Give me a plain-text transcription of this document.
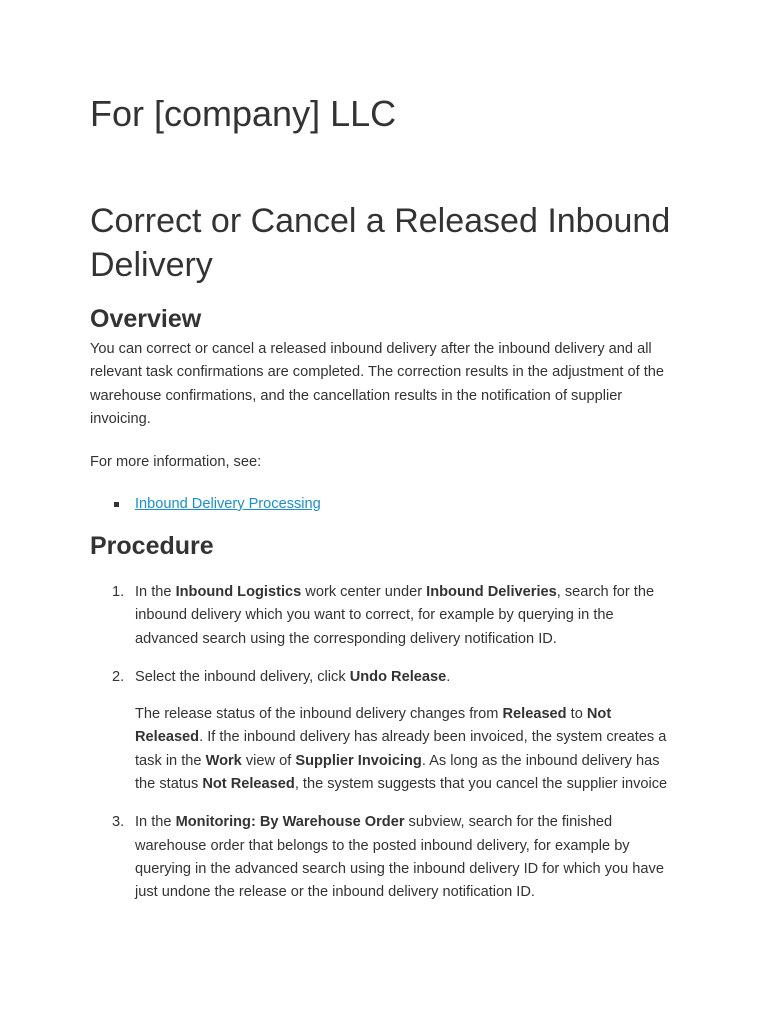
For [company] LLC
Correct or Cancel a Released Inbound Delivery
Overview

You can correct or cancel a released inbound delivery after the inbound delivery and all relevant task confirmations are completed. The correction results in the adjustment of the warehouse confirmations, and the cancellation results in the notification of supplier invoicing.

For more information, see:

Inbound Delivery Processing
Procedure
1. In the Inbound Logistics work center under Inbound Deliveries, search for the inbound delivery which you want to correct, for example by querying in the advanced search using the corresponding delivery notification ID.

2. Select the inbound delivery, click Undo Release.

The release status of the inbound delivery changes from Released to Not Released. If the inbound delivery has already been invoiced, the system creates a task in the Work view of Supplier Invoicing. As long as the inbound delivery has the status Not Released, the system suggests that you cancel the supplier invoice

3. In the Monitoring: By Warehouse Order subview, search for the finished warehouse order that belongs to the posted inbound delivery, for example by querying in the advanced search using the inbound delivery ID for which you have just undone the release or the inbound delivery notification ID.
